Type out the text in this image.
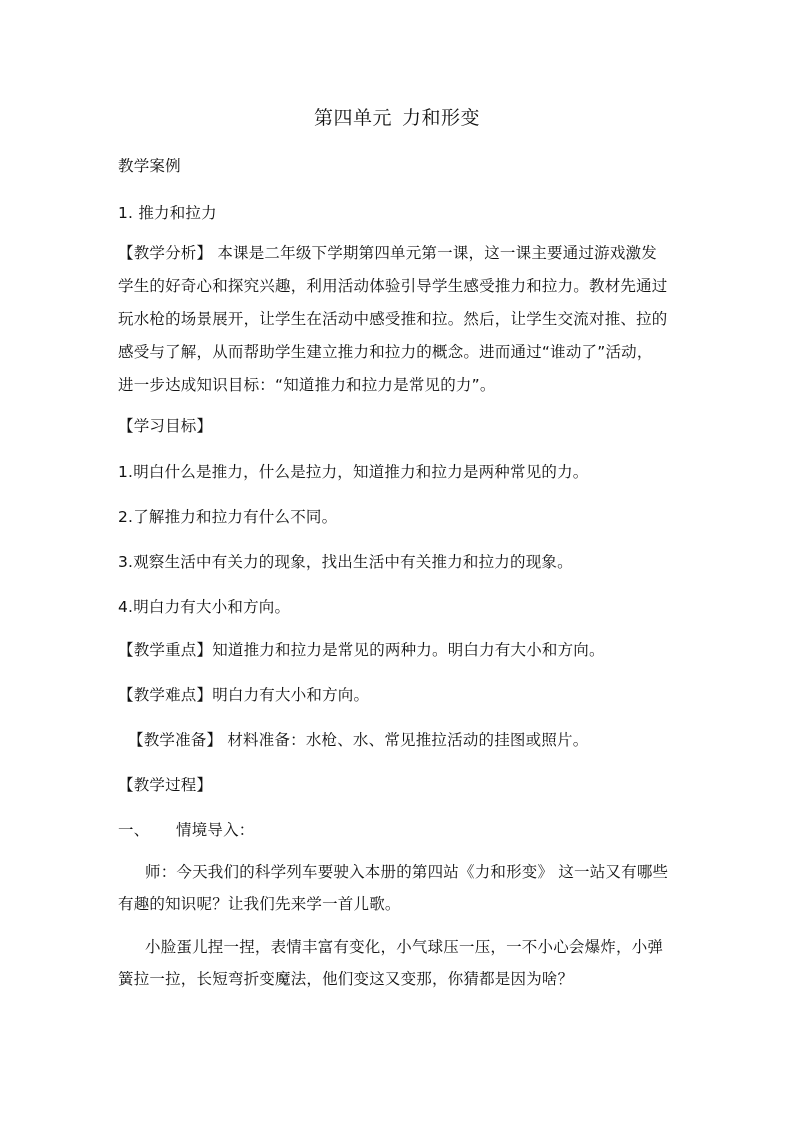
第四单元 力和形变
教学案例
1. 推力和拉力
【教学分析】 本课是二年级下学期第四单元第一课，这一课主要通过游戏激发
学生的好奇心和探究兴趣，利用活动体验引导学生感受推力和拉力。教材先通过
玩水枪的场景展开，让学生在活动中感受推和拉。然后，让学生交流对推、拉的
感受与了解，从而帮助学生建立推力和拉力的概念。进而通过“谁动了”活动，
进一步达成知识目标：“知道推力和拉力是常见的力”。
【学习目标】
1.明白什么是推力，什么是拉力，知道推力和拉力是两种常见的力。
2.了解推力和拉力有什么不同。
3.观察生活中有关力的现象，找出生活中有关推力和拉力的现象。
4.明白力有大小和方向。
【教学重点】知道推力和拉力是常见的两种力。明白力有大小和方向。
【教学难点】明白力有大小和方向。
【教学准备】 材料准备：水枪、水、常见推拉活动的挂图或照片。
【教学过程】
一、 情境导入：
师：今天我们的科学列车要驶入本册的第四站《力和形变》 这一站又有哪些
有趣的知识呢？让我们先来学一首儿歌。
小脸蛋儿捏一捏，表情丰富有变化，小气球压一压，一不小心会爆炸，小弹
簧拉一拉，长短弯折变魔法，他们变这又变那，你猜都是因为啥？
